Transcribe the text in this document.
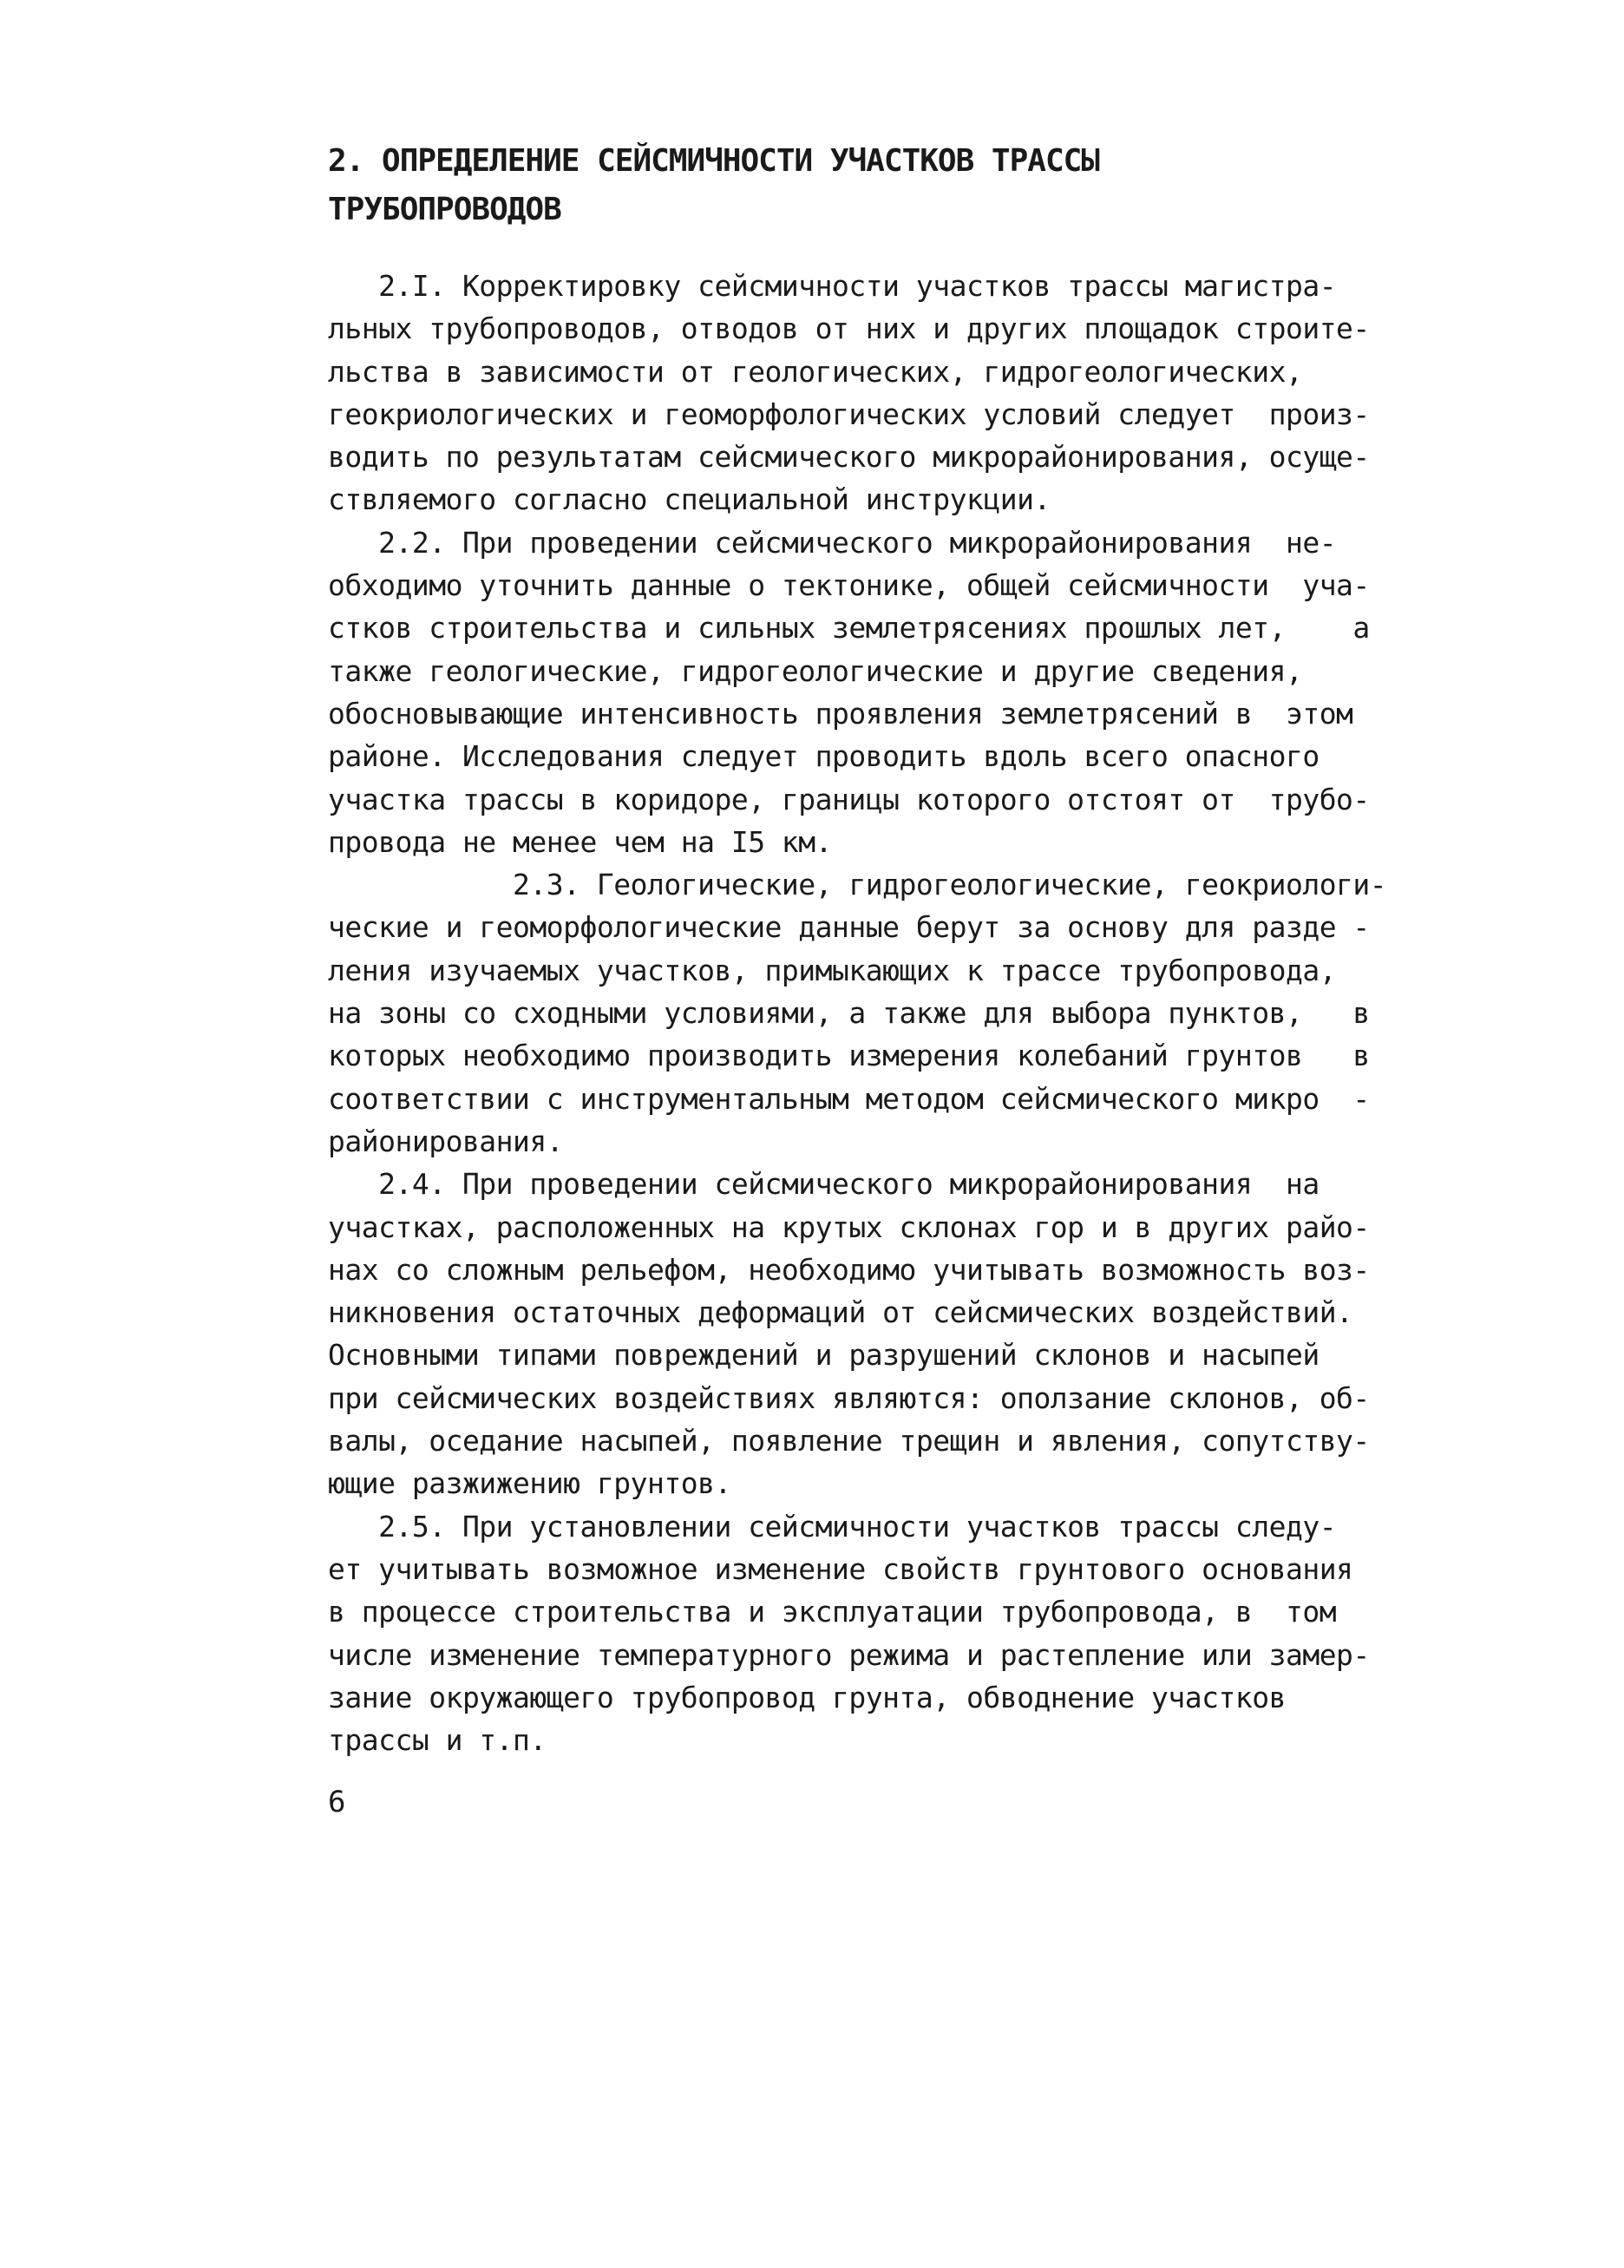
2. ОПРЕДЕЛЕНИЕ СЕЙСМИЧНОСТИ УЧАСТКОВ ТРАССЫ
ТРУБОПРОВОДОВ
2.I. Корректировку сейсмичности участков трассы магистра-
льных трубопроводов, отводов от них и других площадок строите-
льства в зависимости от геологических, гидрогеологических,
геокриологических и геоморфологических условий следует  произ-
водить по результатам сейсмического микрорайонирования, осуще-
ствляемого согласно специальной инструкции.
2.2. При проведении сейсмического микрорайонирования  не-
обходимо уточнить данные о тектонике, общей сейсмичности  уча-
стков строительства и сильных землетрясениях прошлых лет,    а
также геологические, гидрогеологические и другие сведения,
обосновывающие интенсивность проявления землетрясений в  этом
районе. Исследования следует проводить вдоль всего опасного
участка трассы в коридоре, границы которого отстоят от  трубо-
провода не менее чем на I5 км.
2.3. Геологические, гидрогеологические, геокриологи-
ческие и геоморфологические данные берут за основу для разде -
ления изучаемых участков, примыкающих к трассе трубопровода,
на зоны со сходными условиями, а также для выбора пунктов,   в
которых необходимо производить измерения колебаний грунтов   в
соответствии с инструментальным методом сейсмического микро  -
районирования.
2.4. При проведении сейсмического микрорайонирования  на
участках, расположенных на крутых склонах гор и в других райо-
нах со сложным рельефом, необходимо учитывать возможность воз-
никновения остаточных деформаций от сейсмических воздействий.
Основными типами повреждений и разрушений склонов и насыпей
при сейсмических воздействиях являются: оползание склонов, об-
валы, оседание насыпей, появление трещин и явления, сопутству-
ющие разжижению грунтов.
2.5. При установлении сейсмичности участков трассы следу-
ет учитывать возможное изменение свойств грунтового основания
в процессе строительства и эксплуатации трубопровода, в  том
числе изменение температурного режима и растепление или замер-
зание окружающего трубопровод грунта, обводнение участков
трассы и т.п.
6
